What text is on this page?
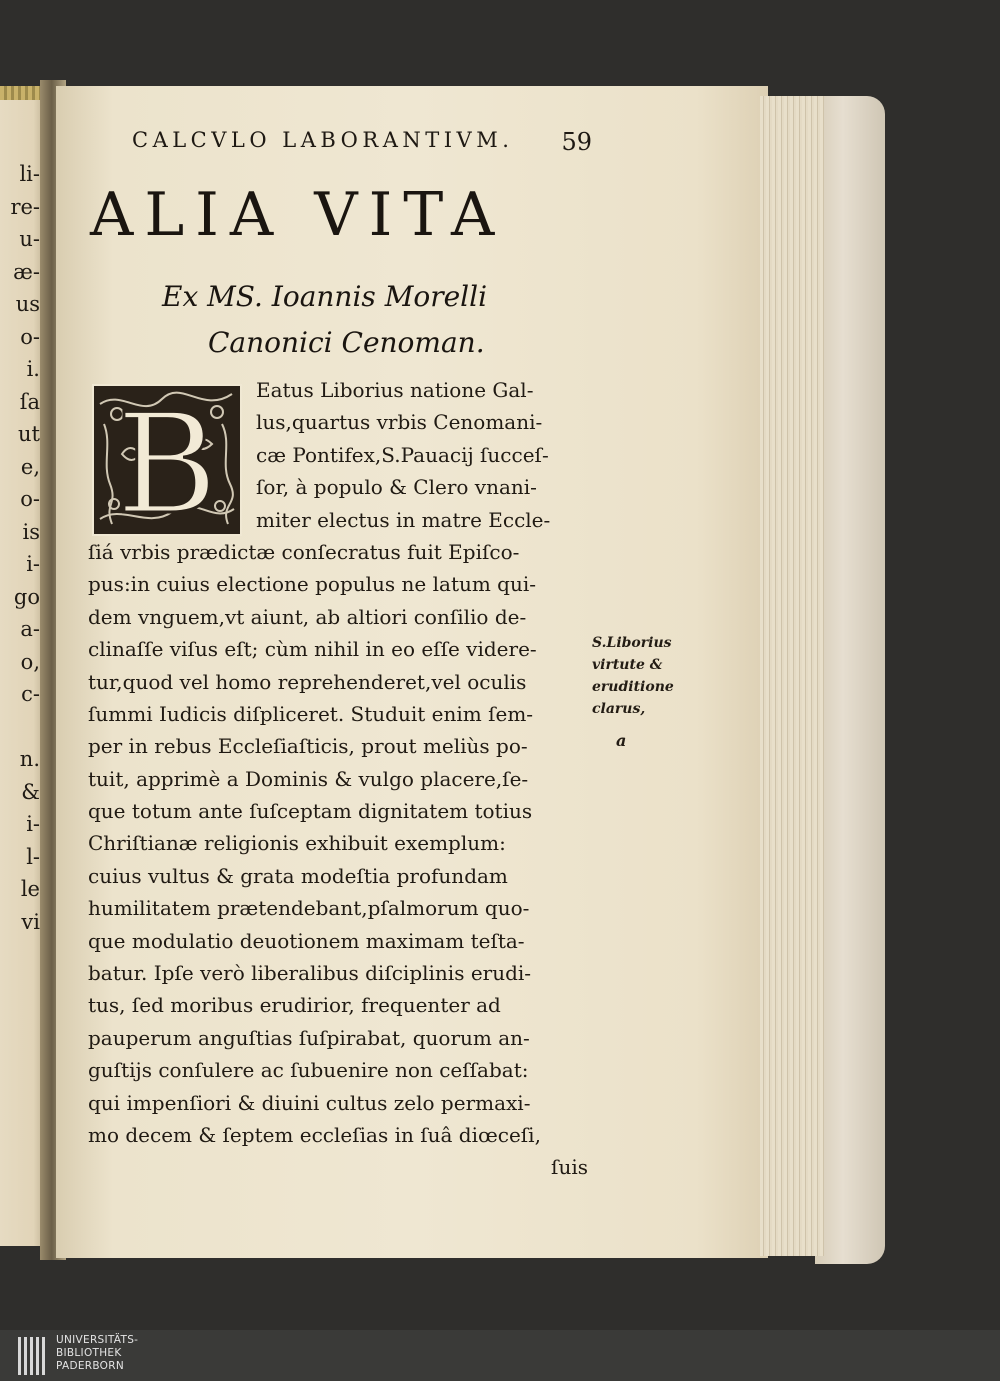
li-
re-
u-
æ-
us
o-
i.
ſa
ut
e,
o-
is
i-
go
a-
o,
c-
n.
&
i-
l-
le
vi
CALCVLO LABORANTIVM. 59
ALIA VITA
Ex MS. Ioannis Morelli
Canonici Cenoman.
B Eatus Liborius natione Gal-
lus,quartus vrbis Cenomani-
cæ Pontifex,S.Pauacij ſucceſ-
ſor, à populo & Clero vnani-
miter electus in matre Eccle-
ſiá vrbis prædictæ conſecratus fuit Epiſco-
pus:in cuius electione populus ne latum qui-
dem vnguem,vt aiunt, ab altiori conſilio de-
clinaſſe viſus eſt; cùm nihil in eo eſſe videre-
tur,quod vel homo reprehenderet,vel oculis
ſummi Iudicis diſpliceret. Studuit enim ſem-
per in rebus Eccleſiaſticis, prout meliùs po-
tuit, apprimè a Dominis & vulgo placere,ſe-
que totum ante ſuſceptam dignitatem totius
Chriſtianæ religionis exhibuit exemplum:
cuius vultus & grata modeſtia profundam
humilitatem prætendebant,pſalmorum quo-
que modulatio deuotionem maximam teſta-
batur. Ipſe verò liberalibus diſciplinis erudi-
tus, ſed moribus erudirior, frequenter ad
pauperum anguſtias ſuſpirabat, quorum an-
guſtijs conſulere ac ſubuenire non ceſſabat:
qui impenſiori & diuini cultus zelo permaxi-
mo decem & ſeptem eccleſias in ſuâ diœceſi,
ſuis
S.Liborius
virtute &
eruditione
clarus,
a
UNIVERSITÄTS-
BIBLIOTHEK
PADERBORN
